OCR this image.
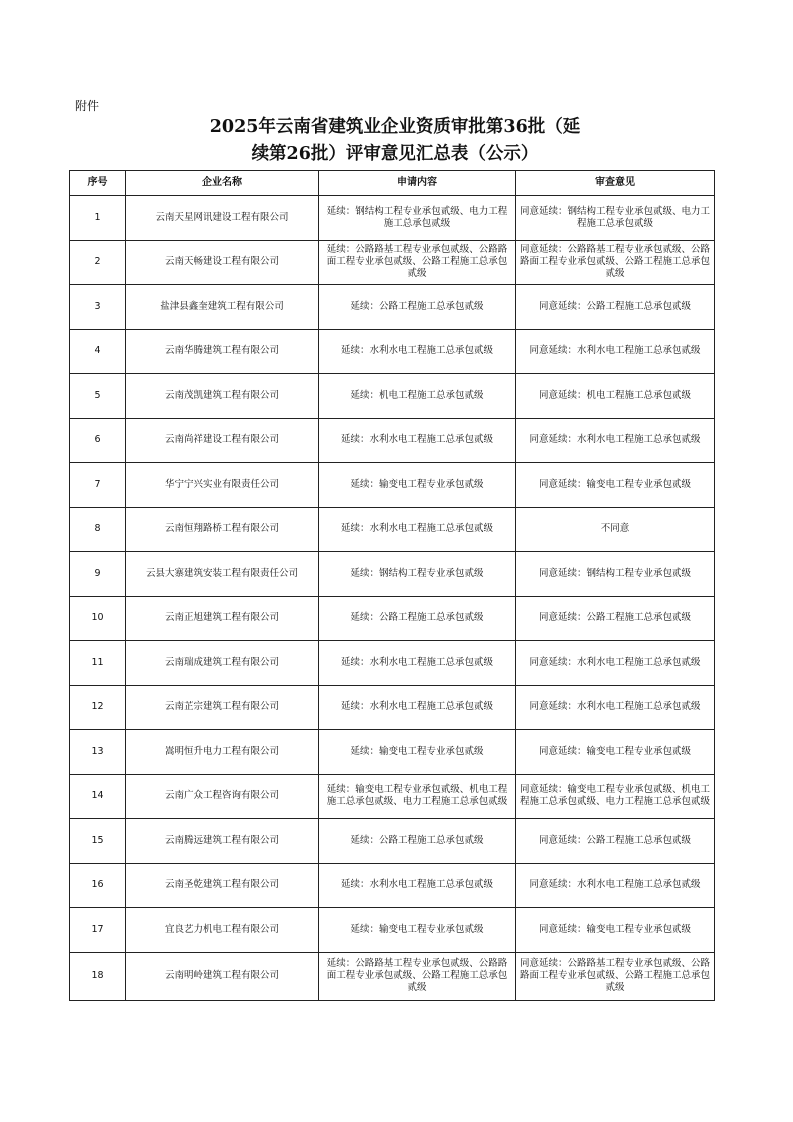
附件
2025年云南省建筑业企业资质审批第36批（延
续第26批）评审意见汇总表（公示）
序号	企业名称	申请内容	审查意见
1	云南天星网讯建设工程有限公司	延续：钢结构工程专业承包贰级、电力工程施工总承包贰级	同意延续：钢结构工程专业承包贰级、电力工程施工总承包贰级
2	云南天畅建设工程有限公司	延续：公路路基工程专业承包贰级、公路路面工程专业承包贰级、公路工程施工总承包贰级	同意延续：公路路基工程专业承包贰级、公路路面工程专业承包贰级、公路工程施工总承包贰级
3	盐津县鑫奎建筑工程有限公司	延续：公路工程施工总承包贰级	同意延续：公路工程施工总承包贰级
4	云南华腾建筑工程有限公司	延续：水利水电工程施工总承包贰级	同意延续：水利水电工程施工总承包贰级
5	云南茂凯建筑工程有限公司	延续：机电工程施工总承包贰级	同意延续：机电工程施工总承包贰级
6	云南尚祥建设工程有限公司	延续：水利水电工程施工总承包贰级	同意延续：水利水电工程施工总承包贰级
7	华宁宁兴实业有限责任公司	延续：输变电工程专业承包贰级	同意延续：输变电工程专业承包贰级
8	云南恒翔路桥工程有限公司	延续：水利水电工程施工总承包贰级	不同意
9	云县大寨建筑安装工程有限责任公司	延续：钢结构工程专业承包贰级	同意延续：钢结构工程专业承包贰级
10	云南正旭建筑工程有限公司	延续：公路工程施工总承包贰级	同意延续：公路工程施工总承包贰级
11	云南瑞成建筑工程有限公司	延续：水利水电工程施工总承包贰级	同意延续：水利水电工程施工总承包贰级
12	云南芷宗建筑工程有限公司	延续：水利水电工程施工总承包贰级	同意延续：水利水电工程施工总承包贰级
13	嵩明恒升电力工程有限公司	延续：输变电工程专业承包贰级	同意延续：输变电工程专业承包贰级
14	云南广众工程咨询有限公司	延续：输变电工程专业承包贰级、机电工程施工总承包贰级、电力工程施工总承包贰级	同意延续：输变电工程专业承包贰级、机电工程施工总承包贰级、电力工程施工总承包贰级
15	云南腾远建筑工程有限公司	延续：公路工程施工总承包贰级	同意延续：公路工程施工总承包贰级
16	云南圣乾建筑工程有限公司	延续：水利水电工程施工总承包贰级	同意延续：水利水电工程施工总承包贰级
17	宜良艺力机电工程有限公司	延续：输变电工程专业承包贰级	同意延续：输变电工程专业承包贰级
18	云南明岭建筑工程有限公司	延续：公路路基工程专业承包贰级、公路路面工程专业承包贰级、公路工程施工总承包贰级	同意延续：公路路基工程专业承包贰级、公路路面工程专业承包贰级、公路工程施工总承包贰级
